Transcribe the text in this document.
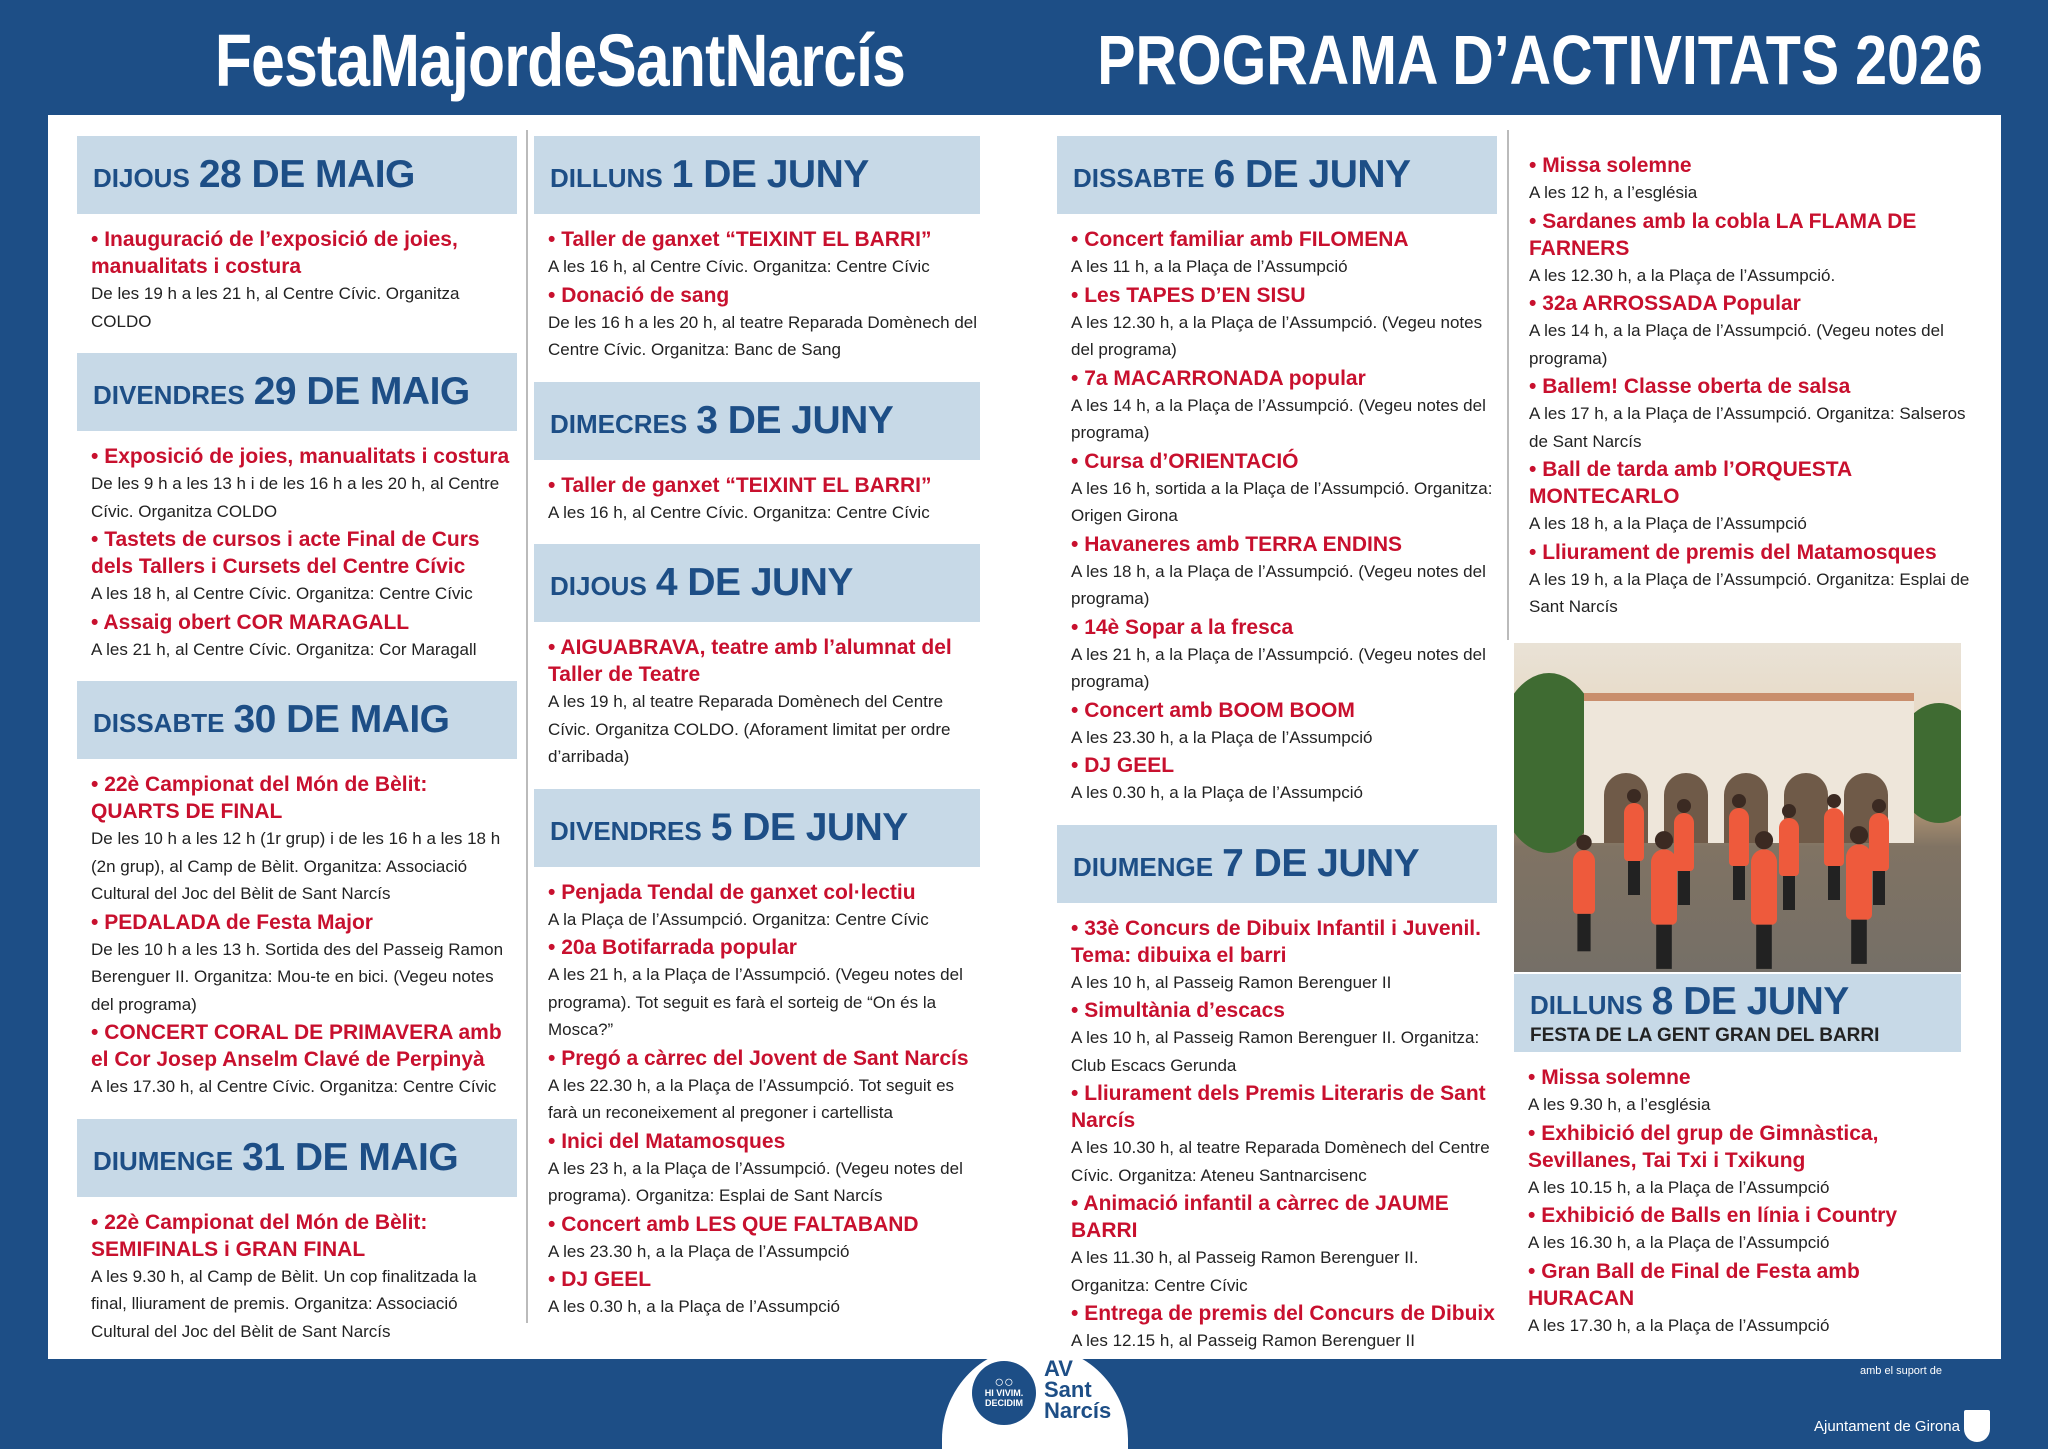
FestaMajordeSantNarcís	PROGRAMA D’ACTIVITATS 2026
DIJOUS 28 DE MAIG
• Inauguració de l’exposició de joies, manualitats i costura
De les 19 h a les 21 h, al Centre Cívic. Organitza COLDO
DIVENDRES 29 DE MAIG
• Exposició de joies, manualitats i costura
De les 9 h a les 13 h i de les 16 h a les 20 h, al Centre Cívic. Organitza COLDO
• Tastets de cursos i acte Final de Curs dels Tallers i Cursets del Centre Cívic
A les 18 h, al Centre Cívic. Organitza: Centre Cívic
• Assaig obert COR MARAGALL
A les 21 h, al Centre Cívic. Organitza: Cor Maragall
DISSABTE 30 DE MAIG
• 22è Campionat del Món de Bèlit: QUARTS DE FINAL
De les 10 h a les 12 h (1r grup) i de les 16 h a les 18 h (2n grup), al Camp de Bèlit. Organitza: Associació Cultural del Joc del Bèlit de Sant Narcís
• PEDALADA de Festa Major
De les 10 h a les 13 h. Sortida des del Passeig Ramon Berenguer II. Organitza: Mou-te en bici. (Vegeu notes del programa)
• CONCERT CORAL DE PRIMAVERA amb el Cor Josep Anselm Clavé de Perpinyà
A les 17.30 h, al Centre Cívic. Organitza: Centre Cívic
DIUMENGE 31 DE MAIG
• 22è Campionat del Món de Bèlit: SEMIFINALS i GRAN FINAL
A les 9.30 h, al Camp de Bèlit. Un cop finalitzada la final, lliurament de premis. Organitza: Associació Cultural del Joc del Bèlit de Sant Narcís
DILLUNS 1 DE JUNY
• Taller de ganxet “TEIXINT EL BARRI”
A les 16 h, al Centre Cívic. Organitza: Centre Cívic
• Donació de sang
De les 16 h a les 20 h, al teatre Reparada Domènech del Centre Cívic. Organitza: Banc de Sang
DIMECRES 3 DE JUNY
• Taller de ganxet “TEIXINT EL BARRI”
A les 16 h, al Centre Cívic. Organitza: Centre Cívic
DIJOUS 4 DE JUNY
• AIGUABRAVA, teatre amb l’alumnat del Taller de Teatre
A les 19 h, al teatre Reparada Domènech del Centre Cívic. Organitza COLDO. (Aforament limitat per ordre d’arribada)
DIVENDRES 5 DE JUNY
• Penjada Tendal de ganxet col·lectiu
A la Plaça de l’Assumpció. Organitza: Centre Cívic
• 20a Botifarrada popular
A les 21 h, a la Plaça de l’Assumpció. (Vegeu notes del programa). Tot seguit es farà el sorteig de “On és la Mosca?”
• Pregó a càrrec del Jovent de Sant Narcís
A les 22.30 h, a la Plaça de l’Assumpció. Tot seguit es farà un reconeixement al pregoner i cartellista
• Inici del Matamosques
A les 23 h, a la Plaça de l’Assumpció. (Vegeu notes del programa). Organitza: Esplai de Sant Narcís
• Concert amb LES QUE FALTABAND
A les 23.30 h, a la Plaça de l’Assumpció
• DJ GEEL
A les 0.30 h, a la Plaça de l’Assumpció
DISSABTE 6 DE JUNY
• Concert familiar amb FILOMENA
A les 11 h, a la Plaça de l’Assumpció
• Les TAPES D’EN SISU
A les 12.30 h, a la Plaça de l’Assumpció. (Vegeu notes del programa)
• 7a MACARRONADA popular
A les 14 h, a la Plaça de l’Assumpció. (Vegeu notes del programa)
• Cursa d’ORIENTACIÓ
A les 16 h, sortida a la Plaça de l’Assumpció. Organitza: Origen Girona
• Havaneres amb TERRA ENDINS
A les 18 h, a la Plaça de l’Assumpció. (Vegeu notes del programa)
• 14è Sopar a la fresca
A les 21 h, a la Plaça de l’Assumpció. (Vegeu notes del programa)
• Concert amb BOOM BOOM
A les 23.30 h, a la Plaça de l’Assumpció
• DJ GEEL
A les 0.30 h, a la Plaça de l’Assumpció
DIUMENGE 7 DE JUNY
• 33è Concurs de Dibuix Infantil i Juvenil. Tema: dibuixa el barri
A les 10 h, al Passeig Ramon Berenguer II
• Simultània d’escacs
A les 10 h, al Passeig Ramon Berenguer II. Organitza: Club Escacs Gerunda
• Lliurament dels Premis Literaris de Sant Narcís
A les 10.30 h, al teatre Reparada Domènech del Centre Cívic. Organitza: Ateneu Santnarcisenc
• Animació infantil a càrrec de JAUME BARRI
A les 11.30 h, al Passeig Ramon Berenguer II. Organitza: Centre Cívic
• Entrega de premis del Concurs de Dibuix
A les 12.15 h, al Passeig Ramon Berenguer II
• Missa solemne
A les 12 h, a l’església
• Sardanes amb la cobla LA FLAMA DE FARNERS
A les 12.30 h, a la Plaça de l’Assumpció.
• 32a ARROSSADA Popular
A les 14 h, a la Plaça de l’Assumpció. (Vegeu notes del programa)
• Ballem! Classe oberta de salsa
A les 17 h, a la Plaça de l’Assumpció. Organitza: Salseros de Sant Narcís
• Ball de tarda amb l’ORQUESTA MONTECARLO
A les 18 h, a la Plaça de l’Assumpció
• Lliurament de premis del Matamosques
A les 19 h, a la Plaça de l’Assumpció. Organitza: Esplai de Sant Narcís
DILLUNS 8 DE JUNY
FESTA DE LA GENT GRAN DEL BARRI
• Missa solemne
A les 9.30 h, a l’església
• Exhibició del grup de Gimnàstica, Sevillanes, Tai Txi i Txikung
A les 10.15 h, a la Plaça de l’Assumpció
• Exhibició de Balls en línia i Country
A les 16.30 h, a la Plaça de l’Assumpció
• Gran Ball de Final de Festa amb HURACAN
A les 17.30 h, a la Plaça de l’Assumpció
○○
HI VIVIM. DECIDIM
AV
Sant
Narcís
amb el suport de
Ajuntament de Girona
